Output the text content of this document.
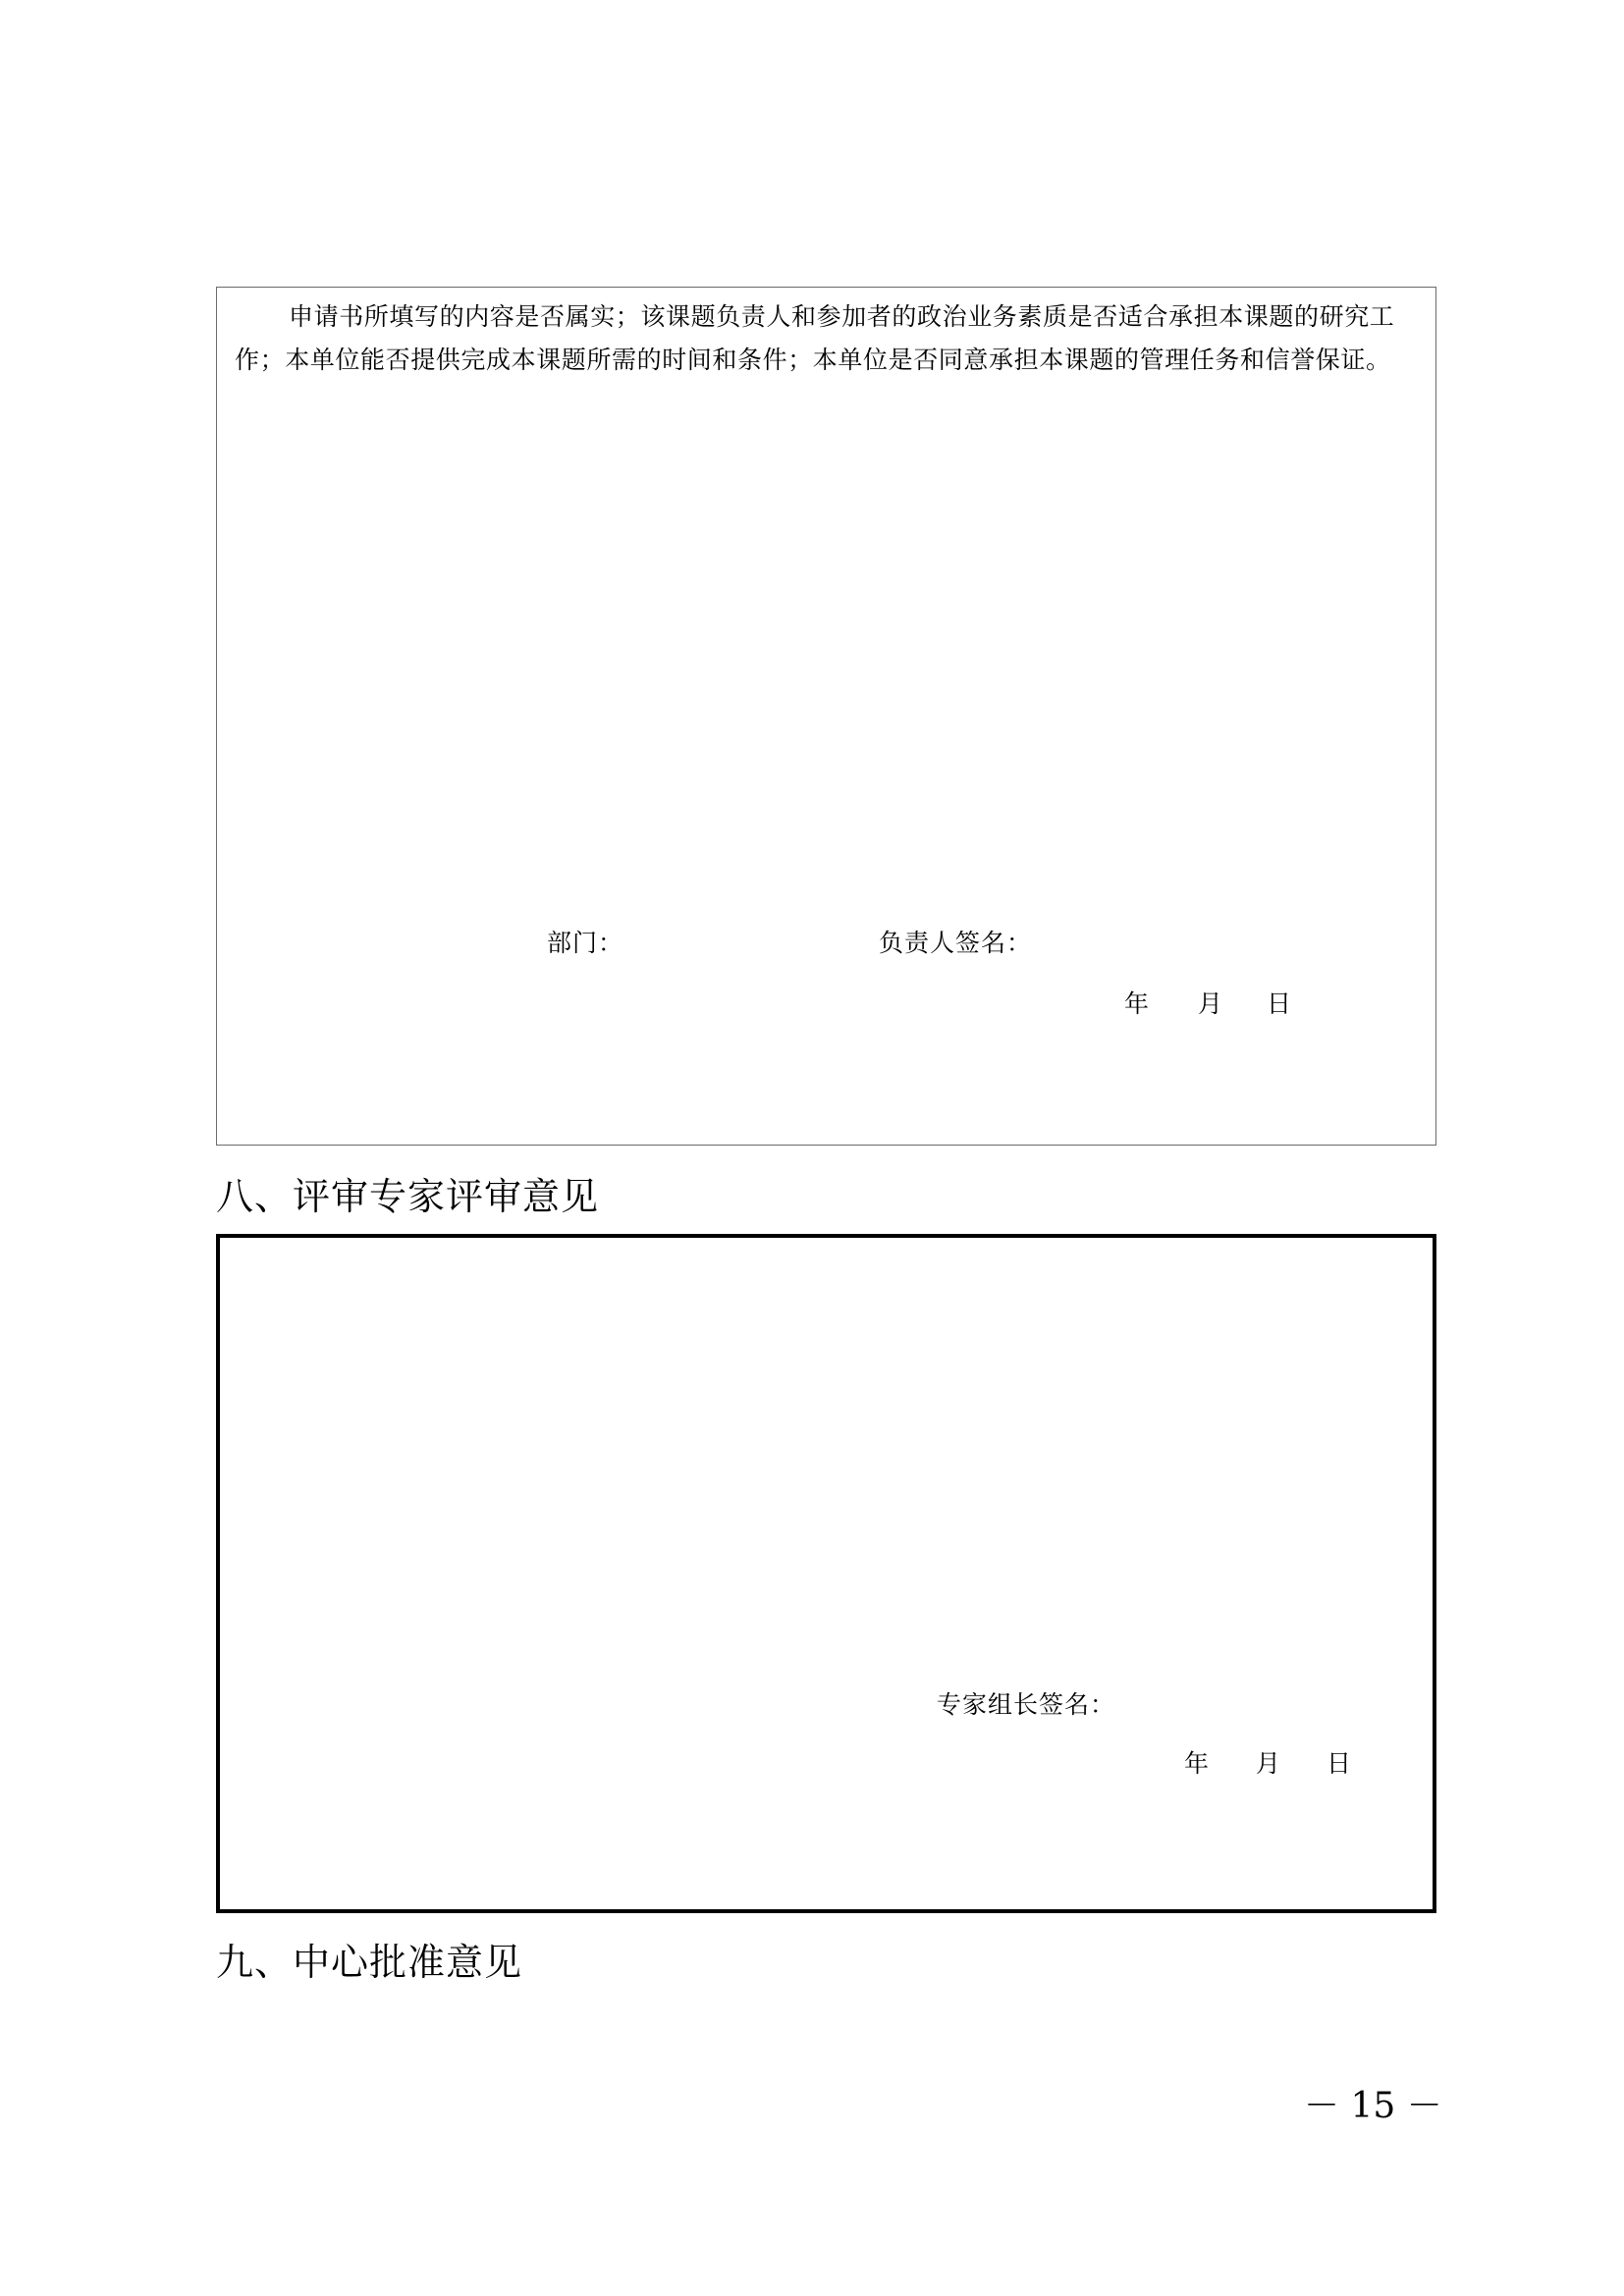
申请书所填写的内容是否属实；该课题负责人和参加者的政治业务素质是否适合承担本课题的研究工作；本单位能否提供完成本课题所需的时间和条件；本单位是否同意承担本课题的管理任务和信誉保证。

部门：	负责人签名：
年 月 日
八、评审专家评审意见
专家组长签名：
年 月 日
九、中心批准意见
－ 15 －
